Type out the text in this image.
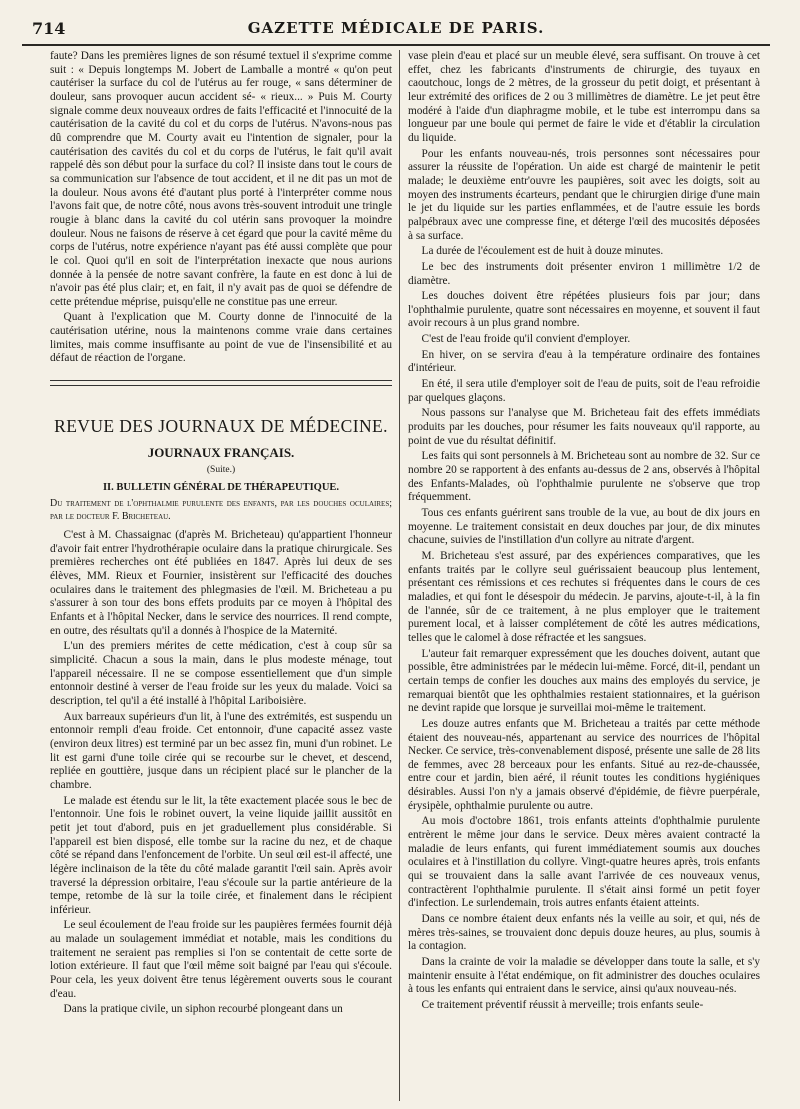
714	GAZETTE MÉDICALE DE PARIS.

faute? Dans les premières lignes de son résumé textuel il s'exprime comme suit : « Depuis longtemps M. Jobert de Lamballe a montré « qu'on peut cautériser la surface du col de l'utérus au fer rouge, « sans déterminer de douleur, sans provoquer aucun accident sé- « rieux... » Puis M. Courty signale comme deux nouveaux ordres de faits l'efficacité et l'innocuité de la cautérisation de la cavité du col et du corps de l'utérus. N'avons-nous pas dû comprendre que M. Courty avait eu l'intention de signaler, pour la cautérisation des cavités du col et du corps de l'utérus, le fait qu'il avait rappelé dès son début pour la surface du col? Il insiste dans tout le cours de sa communication sur l'absence de tout accident, et il ne dit pas un mot de la douleur. Nous avons été d'autant plus porté à l'interpréter comme nous l'avons fait que, de notre côté, nous avons très-souvent introduit une tringle rougie à blanc dans la cavité du col utérin sans provoquer la moindre douleur. Nous ne faisons de réserve à cet égard que pour la cavité même du corps de l'utérus, notre expérience n'ayant pas été aussi complète que pour le col. Quoi qu'il en soit de l'interprétation inexacte que nous aurions donnée à la pensée de notre savant confrère, la faute en est donc à lui de n'avoir pas été plus clair; et, en fait, il n'y avait pas de quoi se défendre de cette prétendue méprise, puisqu'elle ne constitue pas une erreur.

Quant à l'explication que M. Courty donne de l'innocuité de la cautérisation utérine, nous la maintenons comme vraie dans certaines limites, mais comme insuffisante au point de vue de l'insensibilité et au défaut de réaction de l'organe.

REVUE DES JOURNAUX DE MÉDECINE.
JOURNAUX FRANÇAIS.
(Suite.)
II. BULLETIN GÉNÉRAL DE THÉRAPEUTIQUE.
Du traitement de l'ophthalmie purulente des enfants, par les douches oculaires; par le docteur F. Bricheteau.

C'est à M. Chassaignac (d'après M. Bricheteau) qu'appartient l'honneur d'avoir fait entrer l'hydrothérapie oculaire dans la pratique chirurgicale. Ses premières recherches ont été publiées en 1847. Après lui deux de ses élèves, MM. Rieux et Fournier, insistèrent sur l'efficacité des douches oculaires dans le traitement des phlegmasies de l'œil. M. Bricheteau a pu s'assurer à son tour des bons effets produits par ce moyen à l'hôpital des Enfants et à l'hôpital Necker, dans le service des nourrices. Il rend compte, en outre, des résultats qu'il a donnés à l'hospice de la Maternité.

L'un des premiers mérites de cette médication, c'est à coup sûr sa simplicité. Chacun a sous la main, dans le plus modeste ménage, tout l'appareil nécessaire. Il ne se compose essentiellement que d'un simple entonnoir destiné à verser de l'eau froide sur les yeux du malade. Voici sa description, tel qu'il a été installé à l'hôpital Lariboisière.

Aux barreaux supérieurs d'un lit, à l'une des extrémités, est suspendu un entonnoir rempli d'eau froide. Cet entonnoir, d'une capacité assez vaste (environ deux litres) est terminé par un bec assez fin, muni d'un robinet. Le lit est garni d'une toile cirée qui se recourbe sur le chevet, et descend, repliée en gouttière, jusque dans un récipient placé sur le plancher de la chambre.

Le malade est étendu sur le lit, la tête exactement placée sous le bec de l'entonnoir. Une fois le robinet ouvert, la veine liquide jaillit aussitôt en petit jet tout d'abord, puis en jet graduellement plus considérable. Si l'appareil est bien disposé, elle tombe sur la racine du nez, et de chaque côté se répand dans l'enfoncement de l'orbite. Un seul œil est-il affecté, une légère inclinaison de la tête du côté malade garantit l'œil sain. Après avoir traversé la dépression orbitaire, l'eau s'écoule sur la partie antérieure de la tempe, retombe de là sur la toile cirée, et finalement dans le récipient inférieur.

Le seul écoulement de l'eau froide sur les paupières fermées fournit déjà au malade un soulagement immédiat et notable, mais les conditions du traitement ne seraient pas remplies si l'on se contentait de cette sorte de lotion extérieure. Il faut que l'œil même soit baigné par l'eau qui s'écoule. Pour cela, les yeux doivent être tenus légèrement ouverts sous le courant d'eau.

Dans la pratique civile, un siphon recourbé plongeant dans un

vase plein d'eau et placé sur un meuble élevé, sera suffisant. On trouve à cet effet, chez les fabricants d'instruments de chirurgie, des tuyaux en caoutchouc, longs de 2 mètres, de la grosseur du petit doigt, et présentant à leur extrémité des orifices de 2 ou 3 millimètres de diamètre. Le jet peut être modéré à l'aide d'un diaphragme mobile, et le tube est interrompu dans sa longueur par une boule qui permet de faire le vide et d'établir la circulation du liquide.

Pour les enfants nouveau-nés, trois personnes sont nécessaires pour assurer la réussite de l'opération. Un aide est chargé de maintenir le petit malade; le deuxième entr'ouvre les paupières, soit avec les doigts, soit au moyen des instruments écarteurs, pendant que le chirurgien dirige d'une main le jet du liquide sur les parties enflammées, et de l'autre essuie les bords palpébraux avec une compresse fine, et déterge l'œil des mucosités déposées à sa surface.

La durée de l'écoulement est de huit à douze minutes.

Le bec des instruments doit présenter environ 1 millimètre 1/2 de diamètre.

Les douches doivent être répétées plusieurs fois par jour; dans l'ophthalmie purulente, quatre sont nécessaires en moyenne, et souvent il faut avoir recours à un plus grand nombre.

C'est de l'eau froide qu'il convient d'employer.

En hiver, on se servira d'eau à la température ordinaire des fontaines d'intérieur.

En été, il sera utile d'employer soit de l'eau de puits, soit de l'eau refroidie par quelques glaçons.

Nous passons sur l'analyse que M. Bricheteau fait des effets immédiats produits par les douches, pour résumer les faits nouveaux qu'il rapporte, au point de vue du résultat définitif.

Les faits qui sont personnels à M. Bricheteau sont au nombre de 32. Sur ce nombre 20 se rapportent à des enfants au-dessus de 2 ans, observés à l'hôpital des Enfants-Malades, où l'ophthalmie purulente ne s'observe que trop fréquemment.

Tous ces enfants guérirent sans trouble de la vue, au bout de dix jours en moyenne. Le traitement consistait en deux douches par jour, de dix minutes chacune, suivies de l'instillation d'un collyre au nitrate d'argent.

M. Bricheteau s'est assuré, par des expériences comparatives, que les enfants traités par le collyre seul guérissaient beaucoup plus lentement, présentant ces rémissions et ces rechutes si fréquentes dans le cours de ces maladies, et qui font le désespoir du médecin. Je parvins, ajoute-t-il, à la fin de l'année, sûr de ce traitement, à ne plus employer que le traitement purement local, et à laisser complétement de côté les autres médications, telles que le calomel à dose réfractée et les sangsues.

L'auteur fait remarquer expressément que les douches doivent, autant que possible, être administrées par le médecin lui-même. Forcé, dit-il, pendant un certain temps de confier les douches aux mains des employés du service, je remarquai bientôt que les ophthalmies restaient stationnaires, et la guérison ne devint rapide que lorsque je surveillai moi-même le traitement.

Les douze autres enfants que M. Bricheteau a traités par cette méthode étaient des nouveau-nés, appartenant au service des nourrices de l'hôpital Necker. Ce service, très-convenablement disposé, présente une salle de 28 lits de femmes, avec 28 berceaux pour les enfants. Situé au rez-de-chaussée, entre cour et jardin, bien aéré, il réunit toutes les conditions hygiéniques désirables. Aussi l'on n'y a jamais observé d'épidémie, de fièvre puerpérale, érysipèle, ophthalmie purulente ou autre.

Au mois d'octobre 1861, trois enfants atteints d'ophthalmie purulente entrèrent le même jour dans le service. Deux mères avaient contracté la maladie de leurs enfants, qui furent immédiatement soumis aux douches oculaires et à l'instillation du collyre. Vingt-quatre heures après, trois enfants qui se trouvaient dans la salle avant l'arrivée de ces nouveaux venus, contractèrent l'ophthalmie purulente. Il s'était ainsi formé un petit foyer d'infection. Le surlendemain, trois autres enfants étaient atteints.

Dans ce nombre étaient deux enfants nés la veille au soir, et qui, nés de mères très-saines, se trouvaient donc depuis douze heures, au plus, soumis à la contagion.

Dans la crainte de voir la maladie se développer dans toute la salle, et s'y maintenir ensuite à l'état endémique, on fit administrer des douches oculaires à tous les enfants qui entraient dans le service, ainsi qu'aux nouveau-nés.

Ce traitement préventif réussit à merveille; trois enfants seule-
